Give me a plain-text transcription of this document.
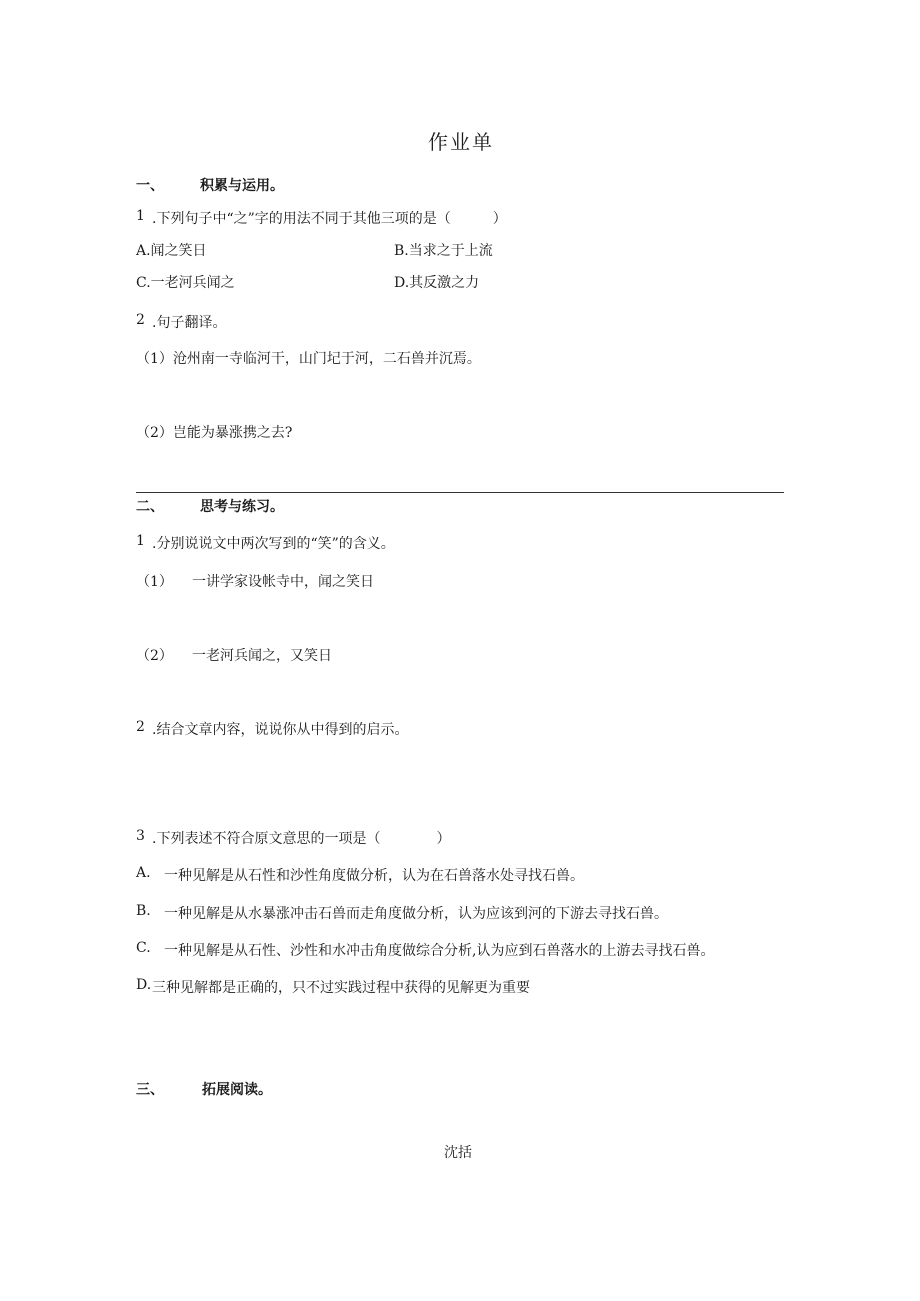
作业单
一、	积累与运用。
1 .下列句子中“之”字的用法不同于其他三项的是（　　　）
A.闻之笑日	B.当求之于上流
C.一老河兵闻之	D.其反激之力
2 .句子翻译。
（1）沧州南一寺临河干，山门圮于河，二石兽并沉焉。
（2）岂能为暴涨携之去?
二、	思考与练习。
1 .分别说说文中两次写到的“笑”的含义。
（1） 一讲学家设帐寺中，闻之笑日
（2） 一老河兵闻之，又笑日
2 .结合文章内容，说说你从中得到的启示。
3 .下列表述不符合原文意思的一项是（　　　　）
A. 一种见解是从石性和沙性角度做分析，认为在石兽落水处寻找石兽。
B. 一种见解是从水暴涨冲击石兽而走角度做分析，认为应该到河的下游去寻找石兽。
C. 一种见解是从石性、沙性和水冲击角度做综合分析,认为应到石兽落水的上游去寻找石兽。
D. 三种见解都是正确的，只不过实践过程中获得的见解更为重要
三、	拓展阅读。
沈括
